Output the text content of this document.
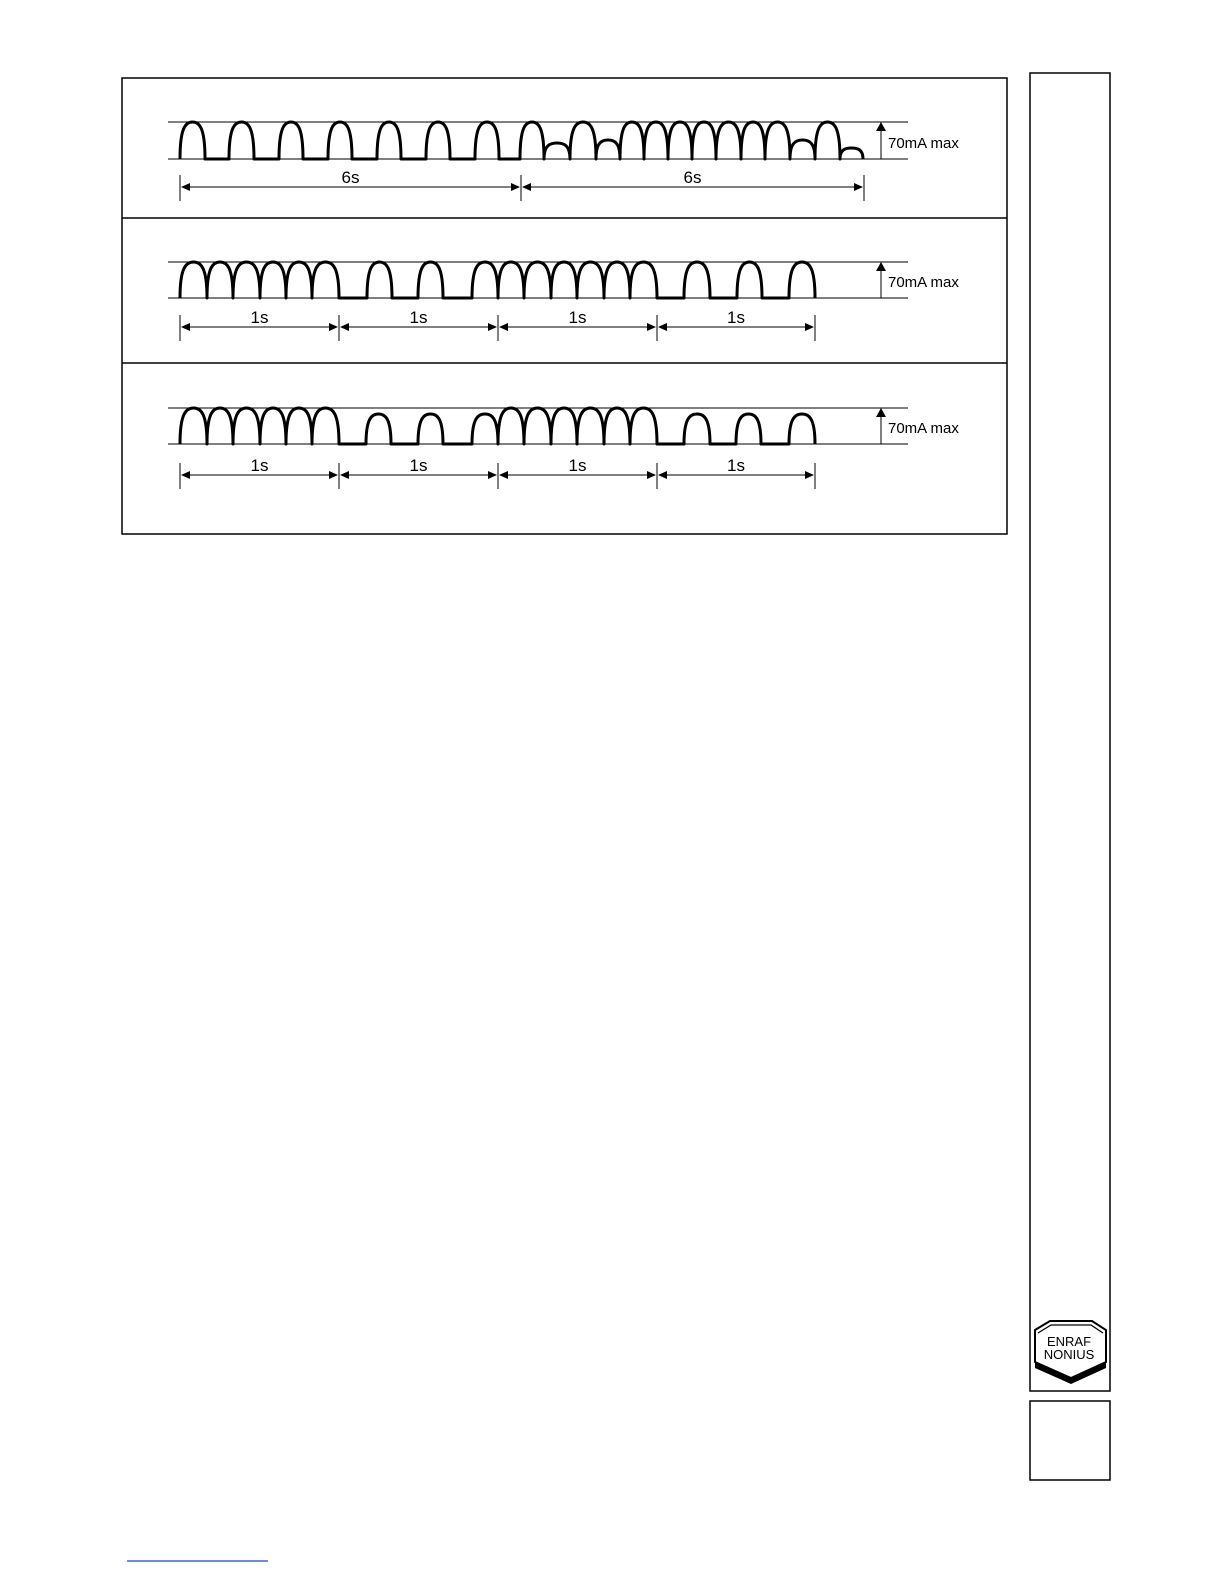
70mA max
6s	6s
70mA max
1s	1s	1s	1s
70mA max
1s	1s	1s	1s
ENRAF
NONIUS
